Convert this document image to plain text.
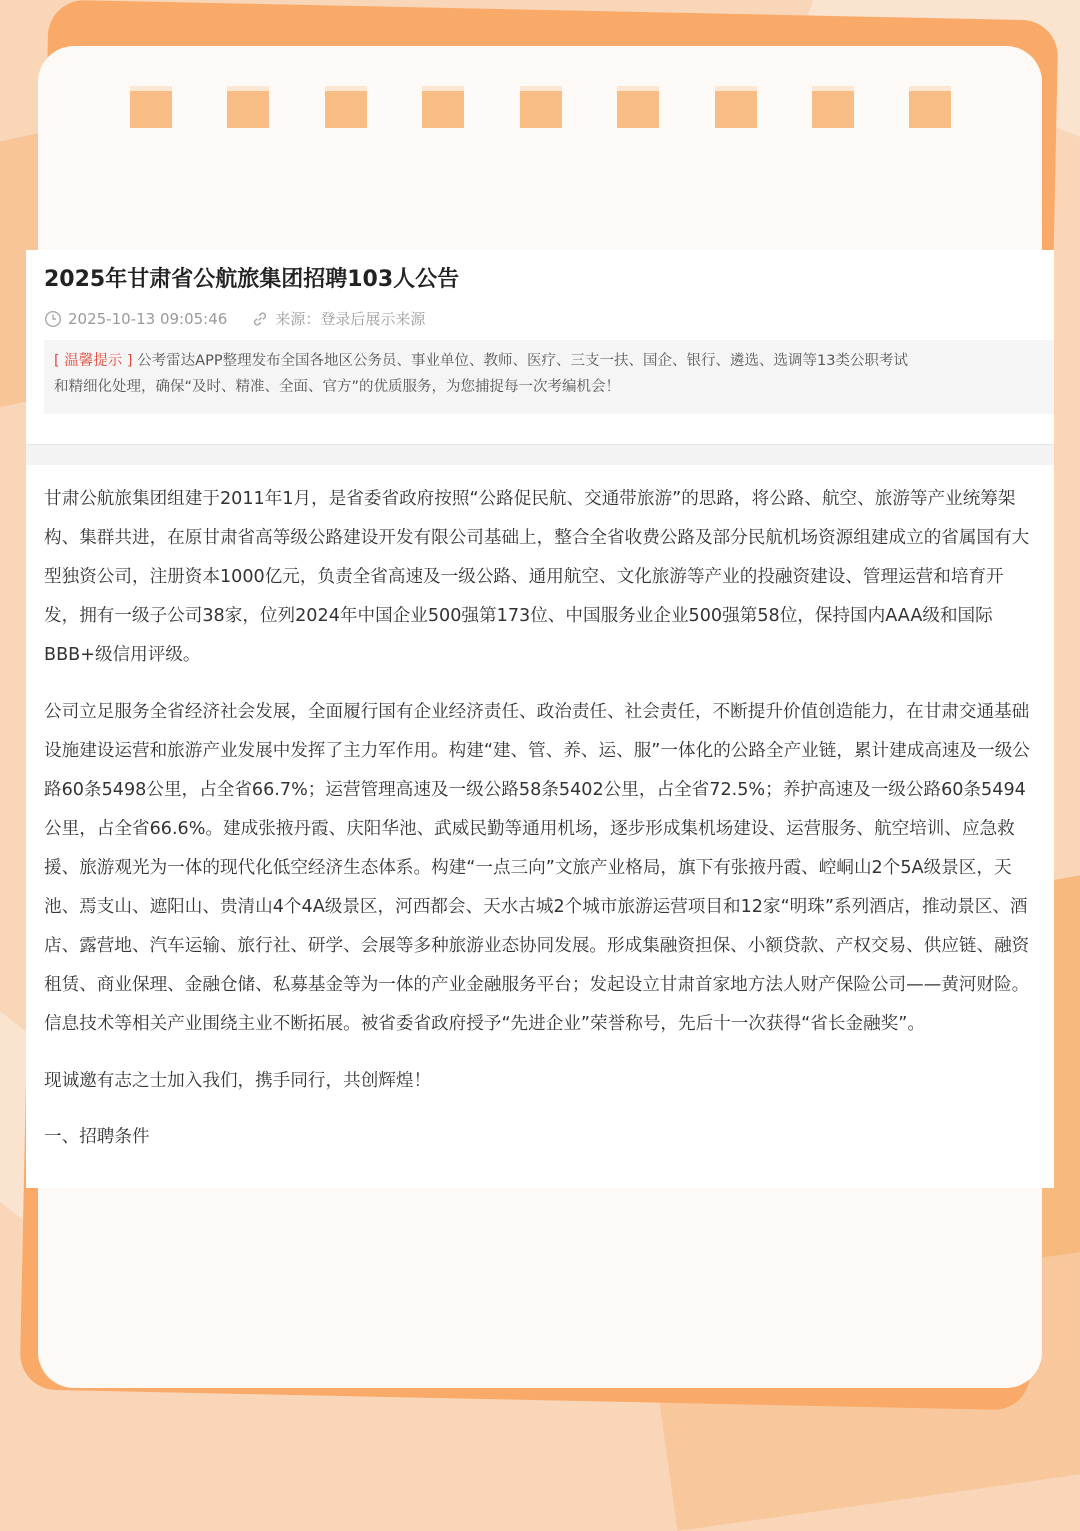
2025年甘肃省公航旅集团招聘103人公告
2025-10-13 09:05:46	来源：登录后展示来源
[ 温馨提示 ] 公考雷达APP整理发布全国各地区公务员、事业单位、教师、医疗、三支一扶、国企、银行、遴选、选调等13类公职考试
和精细化处理，确保“及时、精准、全面、官方”的优质服务，为您捕捉每一次考编机会！

甘肃公航旅集团组建于2011年1月，是省委省政府按照“公路促民航、交通带旅游”的思路，将公路、航空、旅游等产业统筹架构、集群共进，在原甘肃省高等级公路建设开发有限公司基础上，整合全省收费公路及部分民航机场资源组建成立的省属国有大型独资公司，注册资本1000亿元，负责全省高速及一级公路、通用航空、文化旅游等产业的投融资建设、管理运营和培育开发，拥有一级子公司38家，位列2024年中国企业500强第173位、中国服务业企业500强第58位，保持国内AAA级和国际BBB+级信用评级。

公司立足服务全省经济社会发展，全面履行国有企业经济责任、政治责任、社会责任，不断提升价值创造能力，在甘肃交通基础设施建设运营和旅游产业发展中发挥了主力军作用。构建“建、管、养、运、服”一体化的公路全产业链，累计建成高速及一级公路60条5498公里，占全省66.7%；运营管理高速及一级公路58条5402公里，占全省72.5%；养护高速及一级公路60条5494公里，占全省66.6%。建成张掖丹霞、庆阳华池、武威民勤等通用机场，逐步形成集机场建设、运营服务、航空培训、应急救援、旅游观光为一体的现代化低空经济生态体系。构建“一点三向”文旅产业格局，旗下有张掖丹霞、崆峒山2个5A级景区，天池、焉支山、遮阳山、贵清山4个4A级景区，河西都会、天水古城2个城市旅游运营项目和12家“明珠”系列酒店，推动景区、酒店、露营地、汽车运输、旅行社、研学、会展等多种旅游业态协同发展。形成集融资担保、小额贷款、产权交易、供应链、融资租赁、商业保理、金融仓储、私募基金等为一体的产业金融服务平台；发起设立甘肃首家地方法人财产保险公司——黄河财险。信息技术等相关产业围绕主业不断拓展。被省委省政府授予“先进企业”荣誉称号，先后十一次获得“省长金融奖”。

现诚邀有志之士加入我们，携手同行，共创辉煌！

一、招聘条件
